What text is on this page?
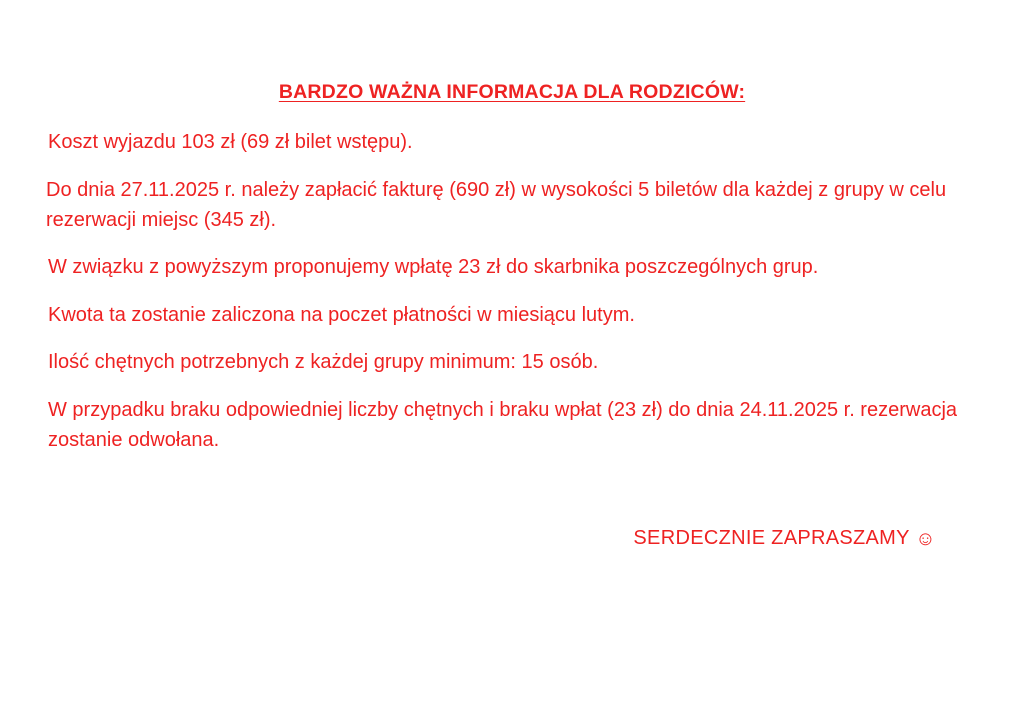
BARDZO WAŻNA INFORMACJA DLA RODZICÓW:

Koszt wyjazdu 103 zł (69 zł bilet wstępu).

Do dnia 27.11.2025 r. należy zapłacić fakturę (690 zł) w wysokości 5 biletów dla każdej z grupy w celu rezerwacji miejsc (345 zł).

W związku z powyższym proponujemy wpłatę 23 zł do skarbnika poszczególnych grup.

Kwota ta zostanie zaliczona na poczet płatności w miesiącu lutym.

Ilość chętnych potrzebnych z każdej grupy minimum: 15 osób.

W przypadku braku odpowiedniej liczby chętnych i braku wpłat (23 zł) do dnia 24.11.2025 r. rezerwacja zostanie odwołana.

SERDECZNIE ZAPRASZAMY ☺
